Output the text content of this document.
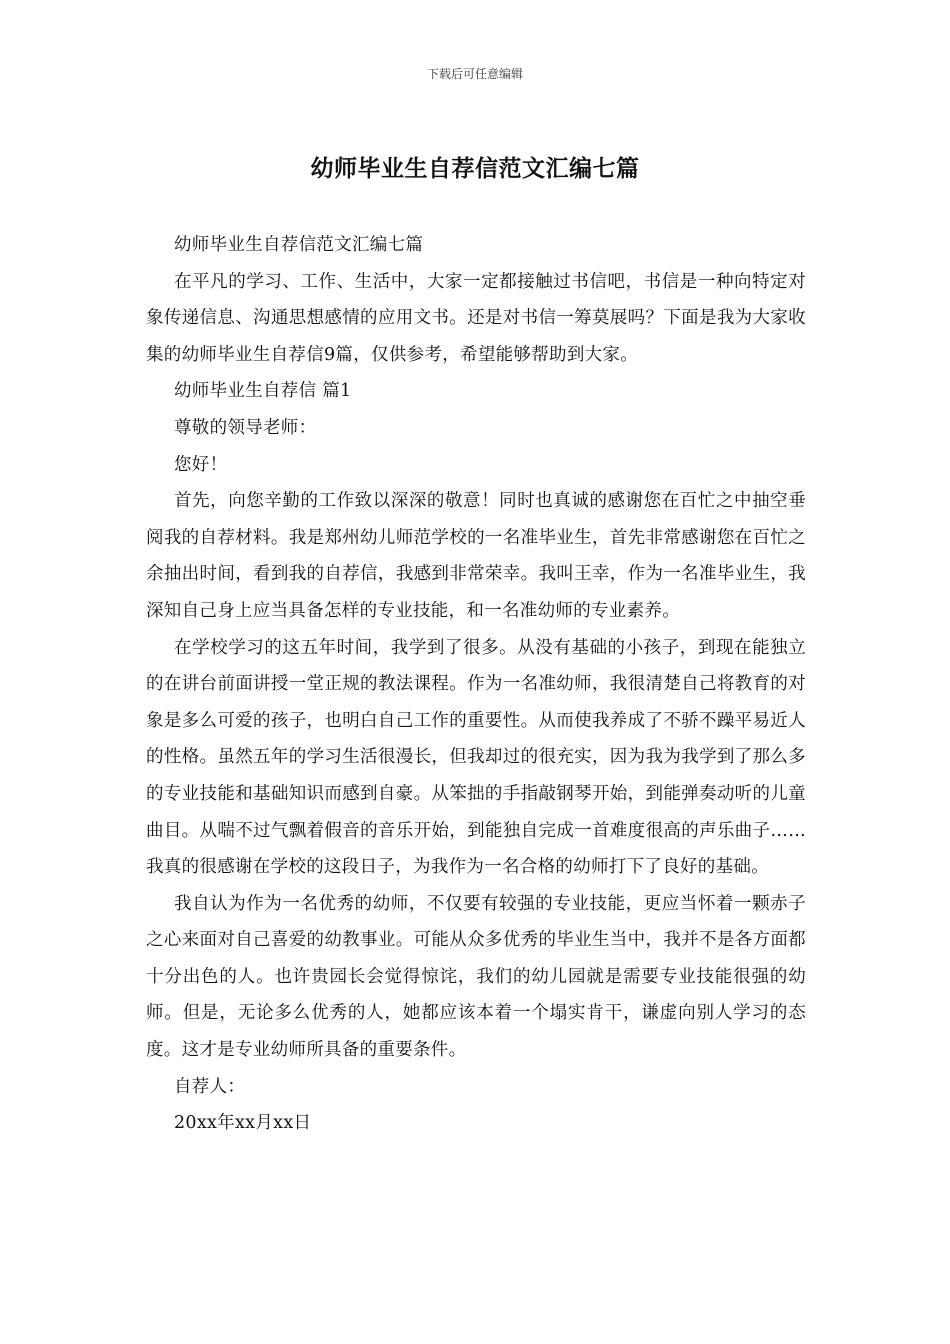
下载后可任意编辑
幼师毕业生自荐信范文汇编七篇

幼师毕业生自荐信范文汇编七篇

在平凡的学习、工作、生活中，大家一定都接触过书信吧，书信是一种向特定对象传递信息、沟通思想感情的应用文书。还是对书信一筹莫展吗？下面是我为大家收集的幼师毕业生自荐信9篇，仅供参考，希望能够帮助到大家。

幼师毕业生自荐信 篇1

尊敬的领导老师：

您好！

首先，向您辛勤的工作致以深深的敬意！同时也真诚的感谢您在百忙之中抽空垂阅我的自荐材料。我是郑州幼儿师范学校的一名准毕业生，首先非常感谢您在百忙之余抽出时间，看到我的自荐信，我感到非常荣幸。我叫王幸，作为一名准毕业生，我深知自己身上应当具备怎样的专业技能，和一名准幼师的专业素养。

在学校学习的这五年时间，我学到了很多。从没有基础的小孩子，到现在能独立的在讲台前面讲授一堂正规的教法课程。作为一名准幼师，我很清楚自己将教育的对象是多么可爱的孩子，也明白自己工作的重要性。从而使我养成了不骄不躁平易近人的性格。虽然五年的学习生活很漫长，但我却过的很充实，因为我为我学到了那么多的专业技能和基础知识而感到自豪。从笨拙的手指敲钢琴开始，到能弹奏动听的儿童曲目。从喘不过气飘着假音的音乐开始，到能独自完成一首难度很高的声乐曲子……我真的很感谢在学校的这段日子，为我作为一名合格的幼师打下了良好的基础。

我自认为作为一名优秀的幼师，不仅要有较强的专业技能，更应当怀着一颗赤子之心来面对自己喜爱的幼教事业。可能从众多优秀的毕业生当中，我并不是各方面都十分出色的人。也许贵园长会觉得惊诧，我们的幼儿园就是需要专业技能很强的幼师。但是，无论多么优秀的人，她都应该本着一个塌实肯干，谦虚向别人学习的态度。这才是专业幼师所具备的重要条件。

自荐人：

20xx年xx月xx日
